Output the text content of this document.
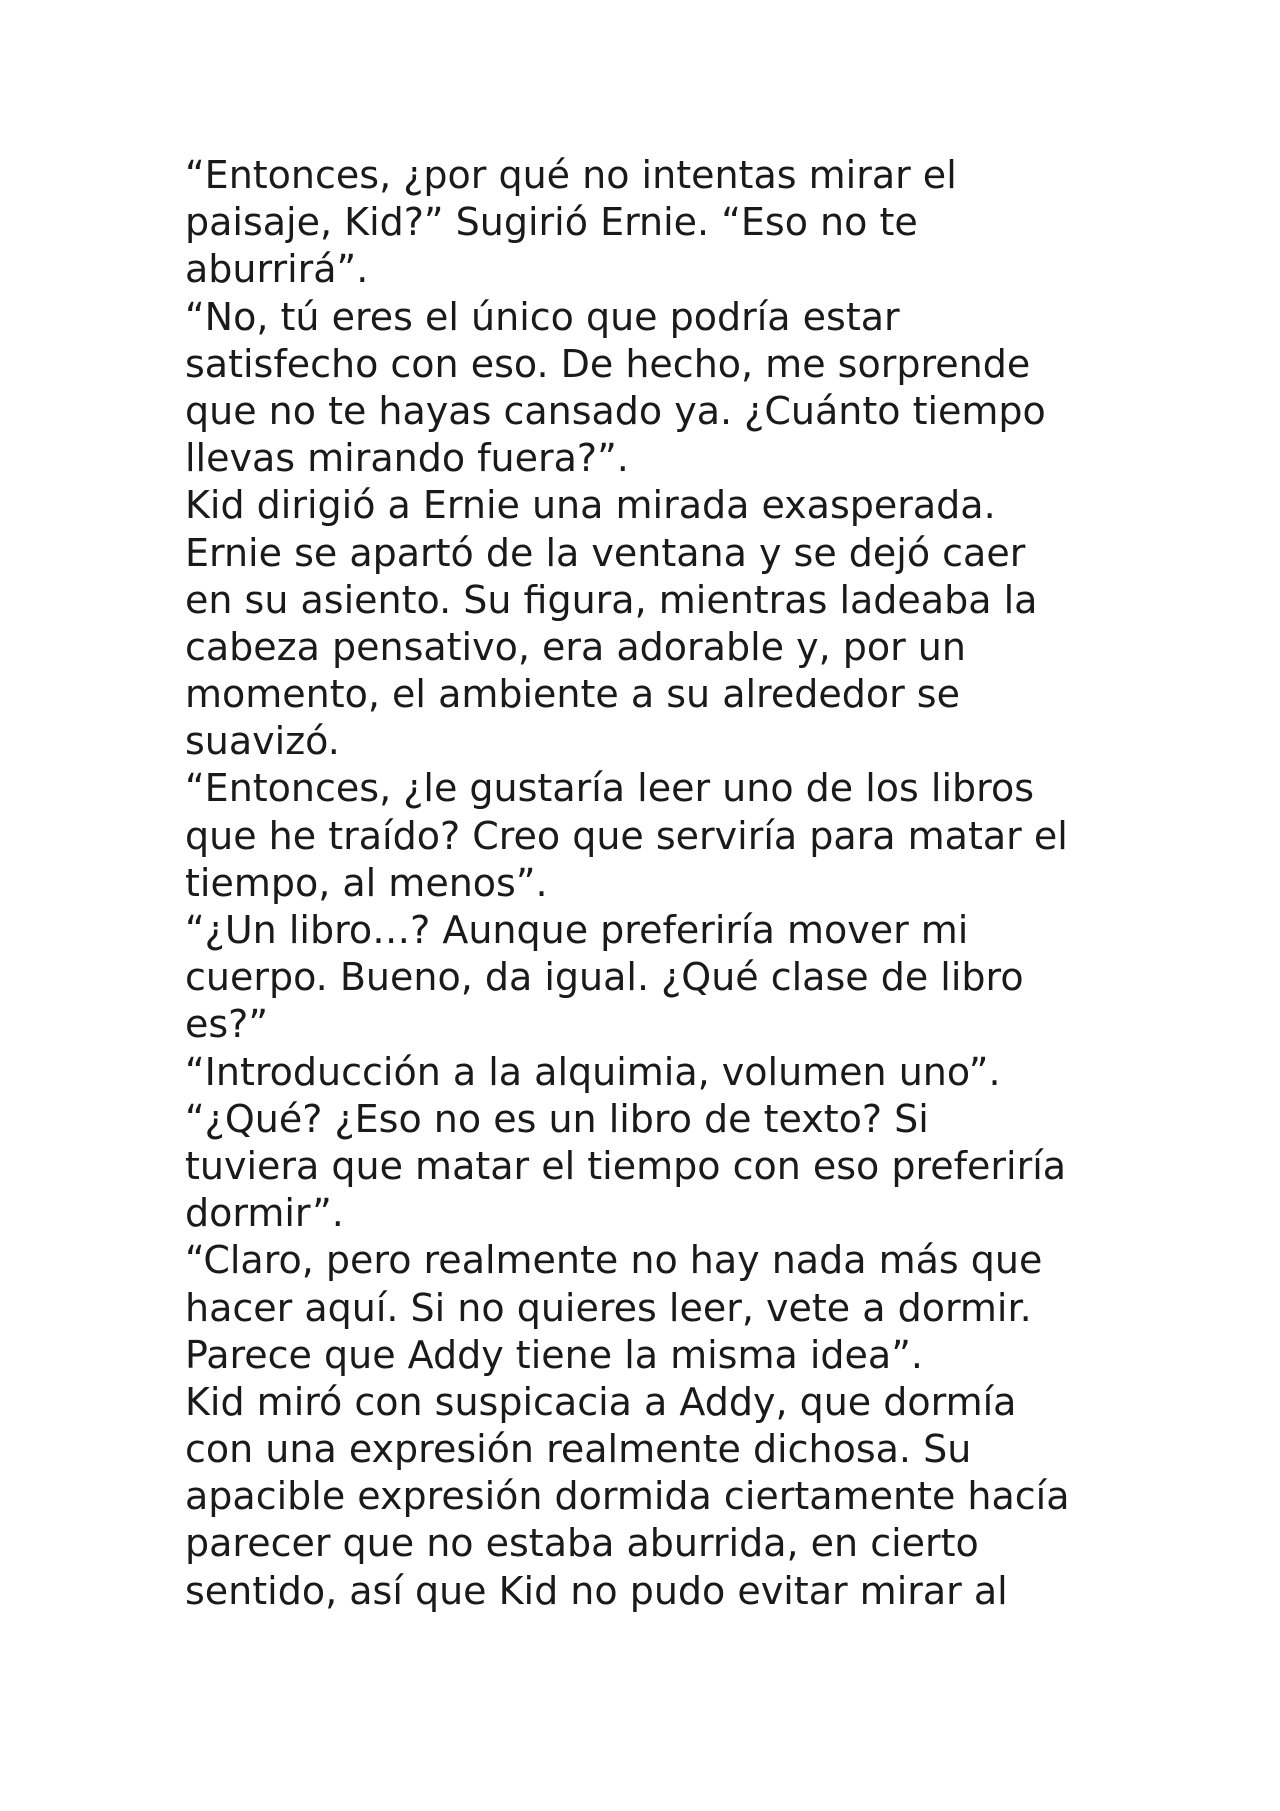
“Entonces, ¿por qué no intentas mirar el
paisaje, Kid?” Sugirió Ernie. “Eso no te
aburrirá”.
“No, tú eres el único que podría estar
satisfecho con eso. De hecho, me sorprende
que no te hayas cansado ya. ¿Cuánto tiempo
llevas mirando fuera?”.
Kid dirigió a Ernie una mirada exasperada.
Ernie se apartó de la ventana y se dejó caer
en su asiento. Su figura, mientras ladeaba la
cabeza pensativo, era adorable y, por un
momento, el ambiente a su alrededor se
suavizó.
“Entonces, ¿le gustaría leer uno de los libros
que he traído? Creo que serviría para matar el
tiempo, al menos”.
“¿Un libro…? Aunque preferiría mover mi
cuerpo. Bueno, da igual. ¿Qué clase de libro
es?”
“Introducción a la alquimia, volumen uno”.
“¿Qué? ¿Eso no es un libro de texto? Si
tuviera que matar el tiempo con eso preferiría
dormir”.
“Claro, pero realmente no hay nada más que
hacer aquí. Si no quieres leer, vete a dormir.
Parece que Addy tiene la misma idea”.
Kid miró con suspicacia a Addy, que dormía
con una expresión realmente dichosa. Su
apacible expresión dormida ciertamente hacía
parecer que no estaba aburrida, en cierto
sentido, así que Kid no pudo evitar mirar al
